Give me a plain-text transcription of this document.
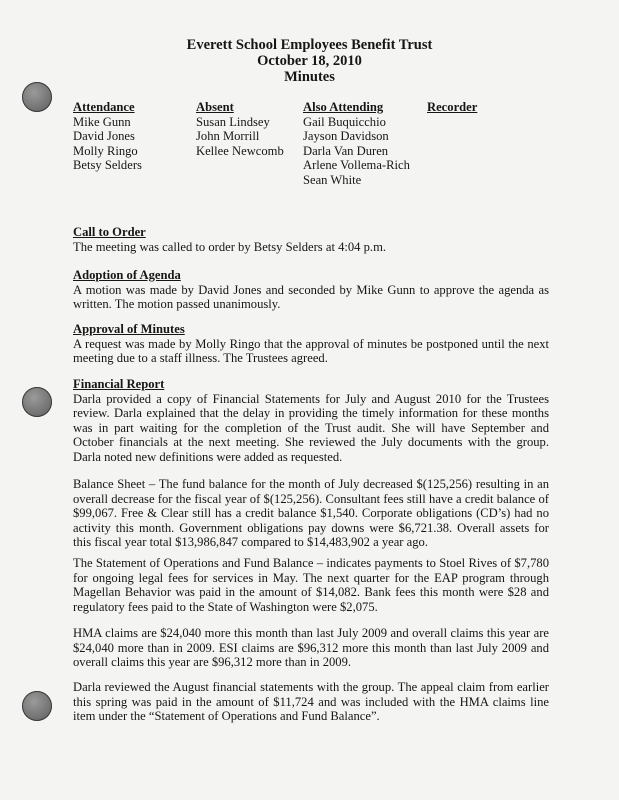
Everett School Employees Benefit Trust
October 18, 2010
Minutes
Attendance
Mike Gunn
David Jones
Molly Ringo
Betsy Selders
Absent
Susan Lindsey
John Morrill
Kellee Newcomb
Also Attending
Gail Buquicchio
Jayson Davidson
Darla Van Duren
Arlene Vollema-Rich
Sean White
Recorder
Call to Order
The meeting was called to order by Betsy Selders at 4:04 p.m.
Adoption of Agenda
A motion was made by David Jones and seconded by Mike Gunn to approve the agenda as written. The motion passed unanimously.
Approval of Minutes
A request was made by Molly Ringo that the approval of minutes be postponed until the next meeting due to a staff illness. The Trustees agreed.
Financial Report
Darla provided a copy of Financial Statements for July and August 2010 for the Trustees review. Darla explained that the delay in providing the timely information for these months was in part waiting for the completion of the Trust audit. She will have September and October financials at the next meeting. She reviewed the July documents with the group. Darla noted new definitions were added as requested.
Balance Sheet – The fund balance for the month of July decreased $(125,256) resulting in an overall decrease for the fiscal year of $(125,256). Consultant fees still have a credit balance of $99,067. Free & Clear still has a credit balance $1,540. Corporate obligations (CD’s) had no activity this month. Government obligations pay downs were $6,721.38. Overall assets for this fiscal year total $13,986,847 compared to $14,483,902 a year ago.
The Statement of Operations and Fund Balance – indicates payments to Stoel Rives of $7,780 for ongoing legal fees for services in May. The next quarter for the EAP program through Magellan Behavior was paid in the amount of $14,082. Bank fees this month were $28 and regulatory fees paid to the State of Washington were $2,075.
HMA claims are $24,040 more this month than last July 2009 and overall claims this year are $24,040 more than in 2009. ESI claims are $96,312 more this month than last July 2009 and overall claims this year are $96,312 more than in 2009.
Darla reviewed the August financial statements with the group. The appeal claim from earlier this spring was paid in the amount of $11,724 and was included with the HMA claims line item under the “Statement of Operations and Fund Balance”.
